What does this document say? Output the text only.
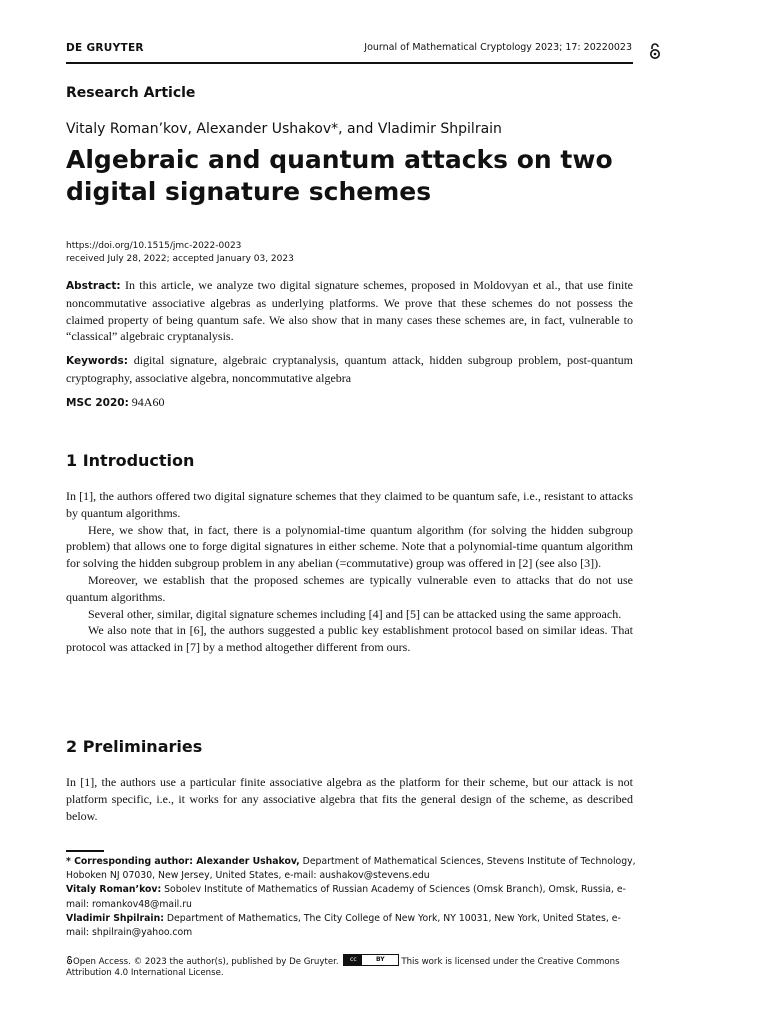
DE GRUYTER	Journal of Mathematical Cryptology 2023; 17: 20220023
Research Article
Vitaly Roman’kov, Alexander Ushakov*, and Vladimir Shpilrain
Algebraic and quantum attacks on two digital signature schemes
https://doi.org/10.1515/jmc-2022-0023
received July 28, 2022; accepted January 03, 2023

Abstract: In this article, we analyze two digital signature schemes, proposed in Moldovyan et al., that use finite noncommutative associative algebras as underlying platforms. We prove that these schemes do not possess the claimed property of being quantum safe. We also show that in many cases these schemes are, in fact, vulnerable to “classical” algebraic cryptanalysis.

Keywords: digital signature, algebraic cryptanalysis, quantum attack, hidden subgroup problem, post-quantum cryptography, associative algebra, noncommutative algebra

MSC 2020: 94A60

1 Introduction

In [1], the authors offered two digital signature schemes that they claimed to be quantum safe, i.e., resistant to attacks by quantum algorithms.

Here, we show that, in fact, there is a polynomial-time quantum algorithm (for solving the hidden subgroup problem) that allows one to forge digital signatures in either scheme. Note that a polynomial-time quantum algorithm for solving the hidden subgroup problem in any abelian (=commutative) group was offered in [2] (see also [3]).

Moreover, we establish that the proposed schemes are typically vulnerable even to attacks that do not use quantum algorithms.

Several other, similar, digital signature schemes including [4] and [5] can be attacked using the same approach.

We also note that in [6], the authors suggested a public key establishment protocol based on similar ideas. That protocol was attacked in [7] by a method altogether different from ours.

2 Preliminaries

In [1], the authors use a particular finite associative algebra as the platform for their scheme, but our attack is not platform specific, i.e., it works for any associative algebra that fits the general design of the scheme, as described below.

* Corresponding author: Alexander Ushakov, Department of Mathematical Sciences, Stevens Institute of Technology, Hoboken NJ 07030, New Jersey, United States, e-mail: aushakov@stevens.edu

Vitaly Roman’kov: Sobolev Institute of Mathematics of Russian Academy of Sciences (Omsk Branch), Omsk, Russia, e-mail: romankov48@mail.ru

Vladimir Shpilrain: Department of Mathematics, The City College of New York, NY 10031, New York, United States, e-mail: shpilrain@yahoo.com

Open Access. © 2023 the author(s), published by De Gruyter.	cc	BY	This work is licensed under the Creative Commons Attribution 4.0 International License.
